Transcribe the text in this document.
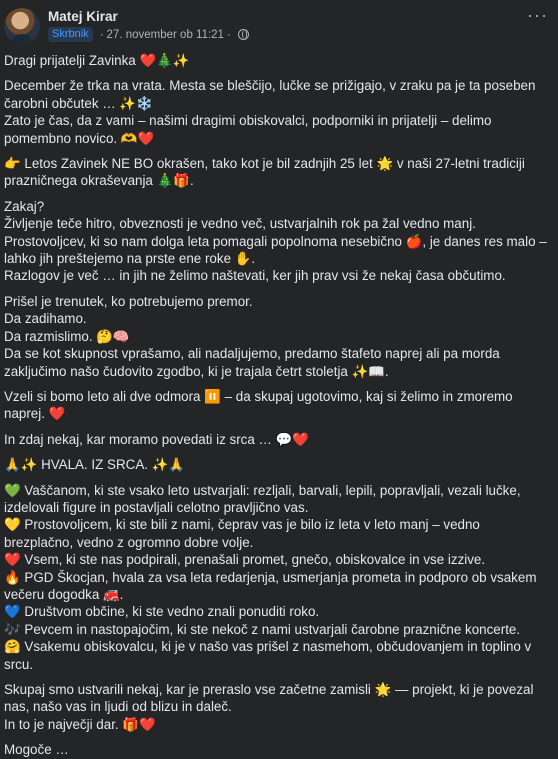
Matej Kirar
Skrbnik · 27. november ob 11:21 ·
···
Dragi prijatelji Zavinka ❤️🎄✨
December že trka na vrata. Mesta se bleščijo, lučke se prižigajo, v zraku pa je ta poseben čarobni občutek … ✨❄️
Zato je čas, da z vami – našimi dragimi obiskovalci, podporniki in prijatelji – delimo pomembno novico. 🫶❤️
👉 Letos Zavinek NE BO okrašen, tako kot je bil zadnjih 25 let 🌟 v naši 27-letni tradiciji prazničnega okraševanja 🎄🎁.
Zakaj?
Življenje teče hitro, obveznosti je vedno več, ustvarjalnih rok pa žal vedno manj.
Prostovoljcev, ki so nam dolga leta pomagali popolnoma nesebično 🍎, je danes res malo – lahko jih preštejemo na prste ene roke ✋.
Razlogov je več … in jih ne želimo naštevati, ker jih prav vsi že nekaj časa občutimo.
Prišel je trenutek, ko potrebujemo premor.
Da zadihamo.
Da razmislimo. 🤔🧠
Da se kot skupnost vprašamo, ali nadaljujemo, predamo štafeto naprej ali pa morda zaključimo našo čudovito zgodbo, ki je trajala četrt stoletja ✨📖.
Vzeli si bomo leto ali dve odmora ⏸️ – da skupaj ugotovimo, kaj si želimo in zmoremo naprej. ❤️
In zdaj nekaj, kar moramo povedati iz srca … 💬❤️
🙏✨ HVALA. IZ SRCA. ✨🙏
💚 Vaščanom, ki ste vsako leto ustvarjali: rezljali, barvali, lepili, popravljali, vezali lučke, izdelovali figure in postavljali celotno pravljično vas.
💛 Prostovoljcem, ki ste bili z nami, čeprav vas je bilo iz leta v leto manj – vedno brezplačno, vedno z ogromno dobre volje.
❤️ Vsem, ki ste nas podpirali, prenašali promet, gnečo, obiskovalce in vse izzive.
🔥 PGD Škocjan, hvala za vsa leta redarjenja, usmerjanja prometa in podporo ob vsakem večeru dogodka 🚒.
💙 Društvom občine, ki ste vedno znali ponuditi roko.
🎶 Pevcem in nastopajočim, ki ste nekoč z nami ustvarjali čarobne praznične koncerte.
🤗 Vsakemu obiskovalcu, ki je v našo vas prišel z nasmehom, občudovanjem in toplino v srcu.
Skupaj smo ustvarili nekaj, kar je preraslo vse začetne zamisli 🌟 — projekt, ki je povezal nas, našo vas in ljudi od blizu in daleč.
In to je največji dar. 🎁❤️
Mogoče …
